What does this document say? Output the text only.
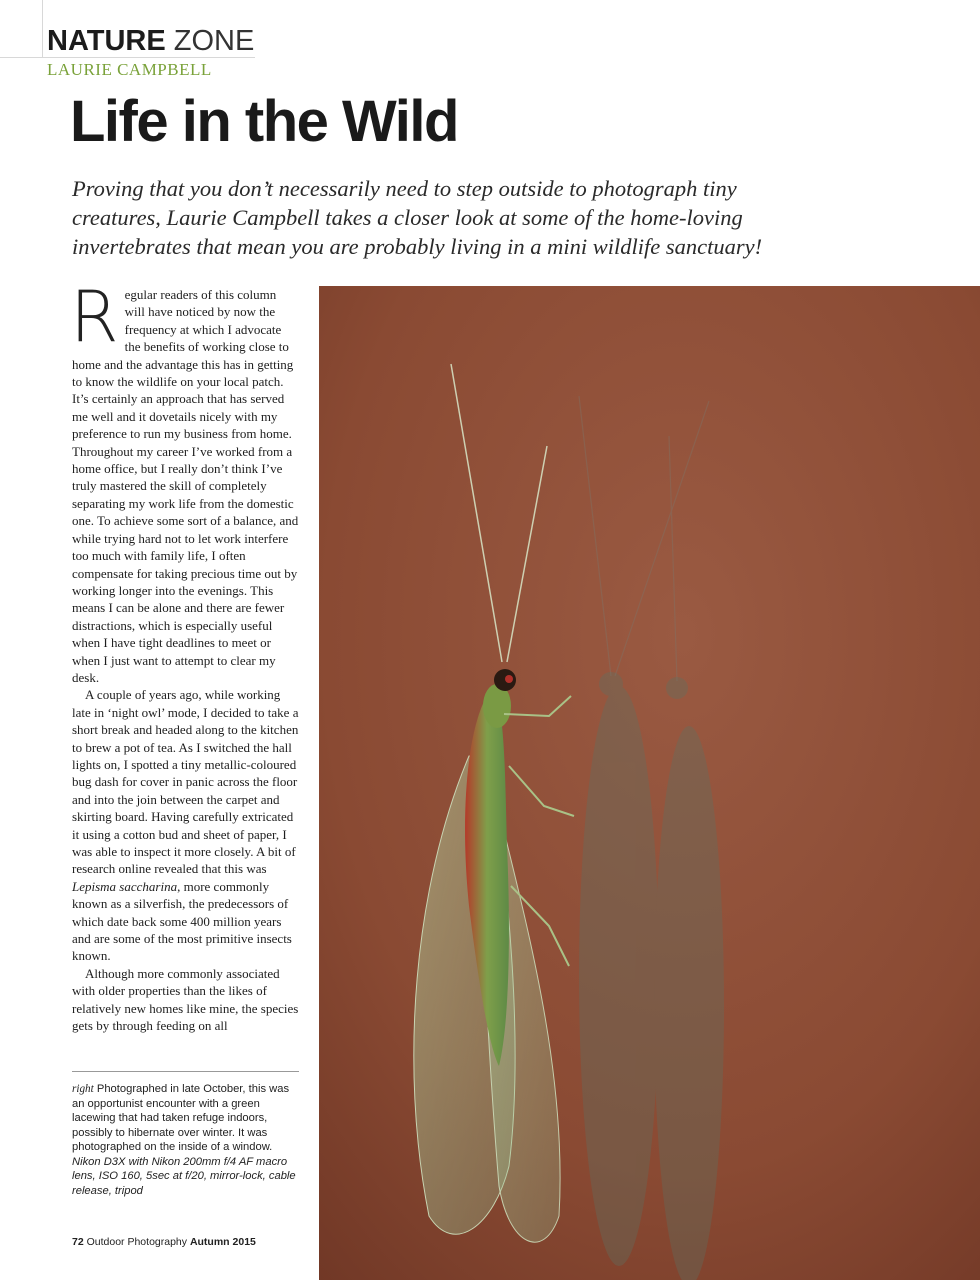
NATURE ZONE
LAURIE CAMPBELL
Life in the Wild

Proving that you don’t necessarily need to step outside to photograph tiny creatures, Laurie Campbell takes a closer look at some of the home-loving invertebrates that mean you are probably living in a mini wildlife sanctuary!

Regular readers of this column will have noticed by now the frequency at which I advocate the benefits of working close to home and the advantage this has in getting to know the wildlife on your local patch. It’s certainly an approach that has served me well and it dovetails nicely with my preference to run my business from home. Throughout my career I’ve worked from a home office, but I really don’t think I’ve truly mastered the skill of completely separating my work life from the domestic one. To achieve some sort of a balance, and while trying hard not to let work interfere too much with family life, I often compensate for taking precious time out by working longer into the evenings. This means I can be alone and there are fewer distractions, which is especially useful when I have tight deadlines to meet or when I just want to attempt to clear my desk.

A couple of years ago, while working late in ‘night owl’ mode, I decided to take a short break and headed along to the kitchen to brew a pot of tea. As I switched the hall lights on, I spotted a tiny metallic-coloured bug dash for cover in panic across the floor and into the join between the carpet and skirting board. Having carefully extricated it using a cotton bud and sheet of paper, I was able to inspect it more closely. A bit of research online revealed that this was Lepisma saccharina, more commonly known as a silverfish, the predecessors of which date back some 400 million years and are some of the most primitive insects known.

Although more commonly associated with older properties than the likes of relatively new homes like mine, the species gets by through feeding on all

right Photographed in late October, this was an opportunist encounter with a green lacewing that had taken refuge indoors, possibly to hibernate over winter. It was photographed on the inside of a window. Nikon D3X with Nikon 200mm f/4 AF macro lens, ISO 160, 5sec at f/20, mirror-lock, cable release, tripod
72 Outdoor Photography Autumn 2015
